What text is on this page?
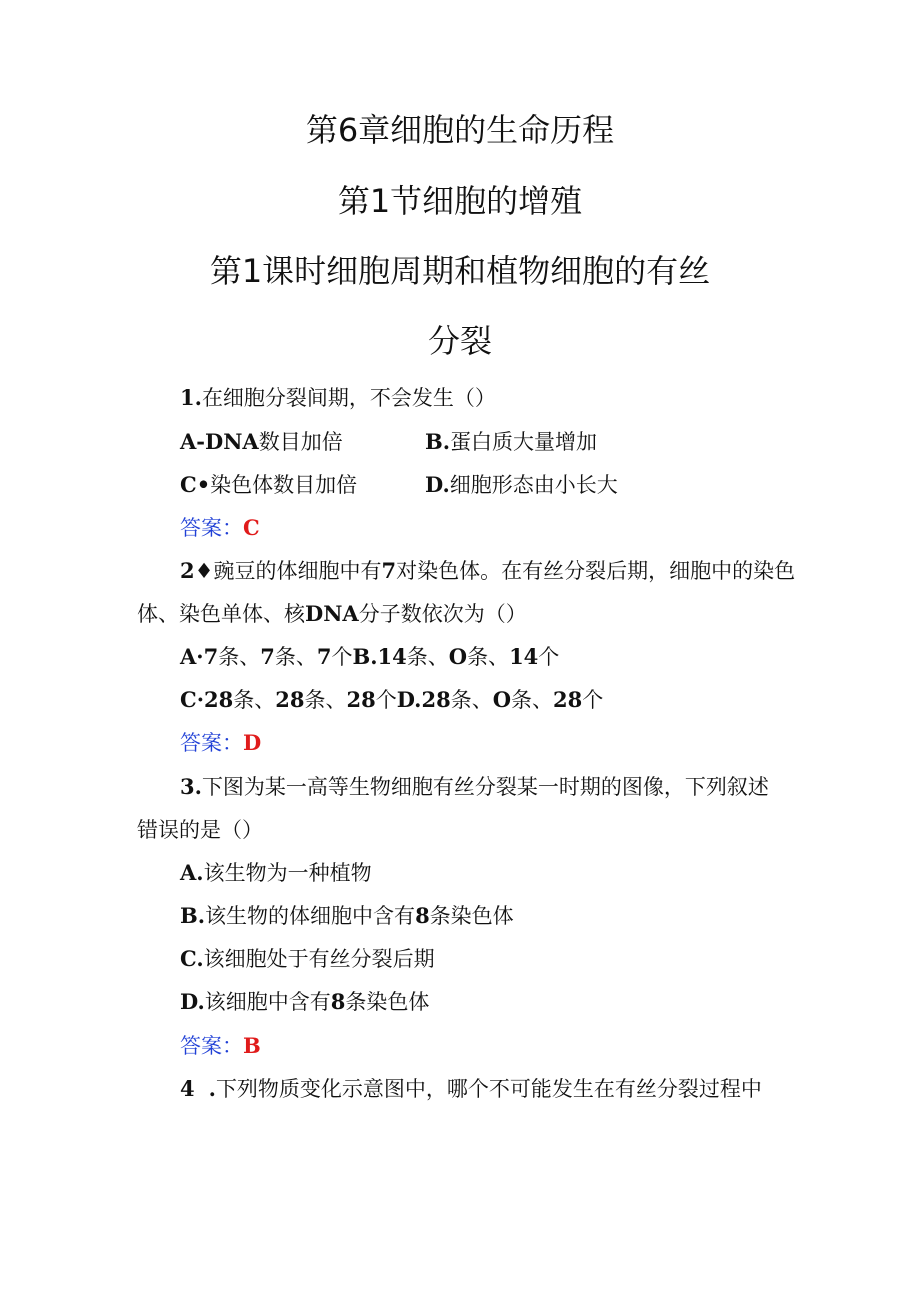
第6章细胞的生命历程
第1节细胞的增殖
第1课时细胞周期和植物细胞的有丝
分裂
1.在细胞分裂间期，不会发生（）
A-DNA数目加倍	B.蛋白质大量增加
C•染色体数目加倍	D.细胞形态由小长大
答案：C
2♦豌豆的体细胞中有7对染色体。在有丝分裂后期，细胞中的染色
体、染色单体、核DNA分子数依次为（）
A·7条、7条、7个B.14条、O条、14个
C·28条、28条、28个D.28条、O条、28个
答案：D
3.下图为某一高等生物细胞有丝分裂某一时期的图像，下列叙述
错误的是（）
A.该生物为一种植物
B.该生物的体细胞中含有8条染色体
C.该细胞处于有丝分裂后期
D.该细胞中含有8条染色体
答案：B
4 .下列物质变化示意图中，哪个不可能发生在有丝分裂过程中
